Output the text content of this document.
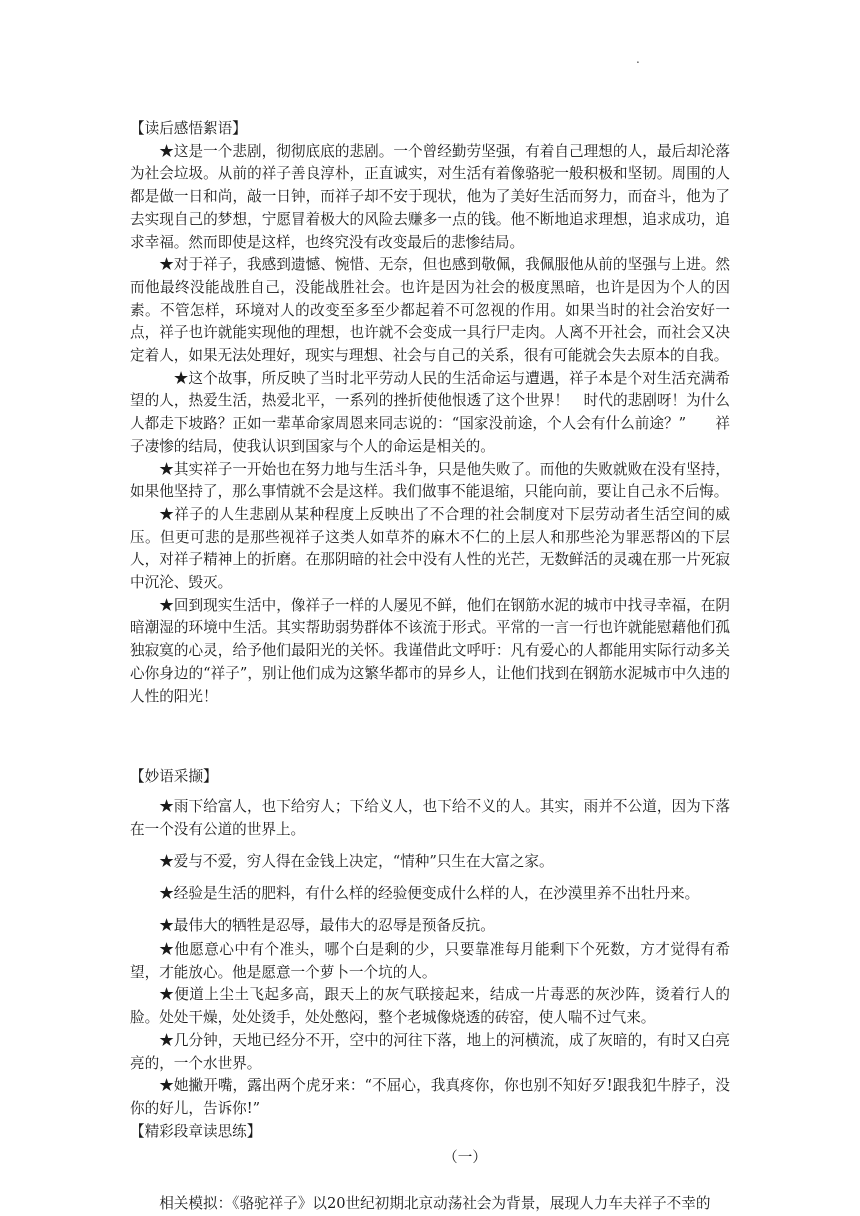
.
【读后感悟絮语】

★这是一个悲剧，彻彻底底的悲剧。一个曾经勤劳坚强，有着自己理想的人，最后却沦落为社会垃圾。从前的祥子善良淳朴，正直诚实，对生活有着像骆驼一般积极和坚韧。周围的人都是做一日和尚，敲一日钟，而祥子却不安于现状，他为了美好生活而努力，而奋斗，他为了去实现自己的梦想，宁愿冒着极大的风险去赚多一点的钱。他不断地追求理想，追求成功，追求幸福。然而即使是这样，也终究没有改变最后的悲惨结局。

★对于祥子，我感到遗憾、惋惜、无奈，但也感到敬佩，我佩服他从前的坚强与上进。然而他最终没能战胜自己，没能战胜社会。也许是因为社会的极度黑暗，也许是因为个人的因素。不管怎样，环境对人的改变至多至少都起着不可忽视的作用。如果当时的社会治安好一点，祥子也许就能实现他的理想，也许就不会变成一具行尸走肉。人离不开社会，而社会又决定着人，如果无法处理好，现实与理想、社会与自己的关系，很有可能就会失去原本的自我。

★这个故事，所反映了当时北平劳动人民的生活命运与遭遇，祥子本是个对生活充满希望的人，热爱生活，热爱北平，一系列的挫折使他恨透了这个世界！　时代的悲剧呀！为什么人都走下坡路？正如一辈革命家周恩来同志说的：“国家没前途，个人会有什么前途？”　　祥子凄惨的结局，使我认识到国家与个人的命运是相关的。

★其实祥子一开始也在努力地与生活斗争，只是他失败了。而他的失败就败在没有坚持，如果他坚持了，那么事情就不会是这样。我们做事不能退缩，只能向前，要让自己永不后悔。

★祥子的人生悲剧从某种程度上反映出了不合理的社会制度对下层劳动者生活空间的威压。但更可悲的是那些视祥子这类人如草芥的麻木不仁的上层人和那些沦为罪恶帮凶的下层人，对祥子精神上的折磨。在那阴暗的社会中没有人性的光芒，无数鲜活的灵魂在那一片死寂中沉沦、毁灭。

★回到现实生活中，像祥子一样的人屡见不鲜，他们在钢筋水泥的城市中找寻幸福，在阴暗潮湿的环境中生活。其实帮助弱势群体不该流于形式。平常的一言一行也许就能慰藉他们孤独寂寞的心灵，给予他们最阳光的关怀。我谨借此文呼吁：凡有爱心的人都能用实际行动多关心你身边的“祥子”，别让他们成为这繁华都市的异乡人，让他们找到在钢筋水泥城市中久违的人性的阳光！

【妙语采撷】

★雨下给富人，也下给穷人；下给义人，也下给不义的人。其实，雨并不公道，因为下落在一个没有公道的世界上。

★爱与不爱，穷人得在金钱上决定，“情种”只生在大富之家。

★经验是生活的肥料，有什么样的经验便变成什么样的人，在沙漠里养不出牡丹来。

★最伟大的牺牲是忍辱，最伟大的忍辱是预备反抗。

★他愿意心中有个准头，哪个白是剩的少，只要靠准每月能剩下个死数，方才觉得有希望，才能放心。他是愿意一个萝卜一个坑的人。

★便道上尘土飞起多高，跟天上的灰气联接起来，结成一片毒恶的灰沙阵，烫着行人的脸。处处干燥，处处烫手，处处憋闷，整个老城像烧透的砖窑，使人喘不过气来。

★几分钟，天地已经分不开，空中的河往下落，地上的河横流，成了灰暗的，有时又白亮亮的，一个水世界。

★她撇开嘴，露出两个虎牙来：“不屈心，我真疼你，你也别不知好歹!跟我犯牛脖子，没你的好儿，告诉你!”

【精彩段章读思练】
（一）

相关模拟：《骆驼祥子》以20世纪初期北京动荡社会为背景，展现人力车夫祥子不幸的
